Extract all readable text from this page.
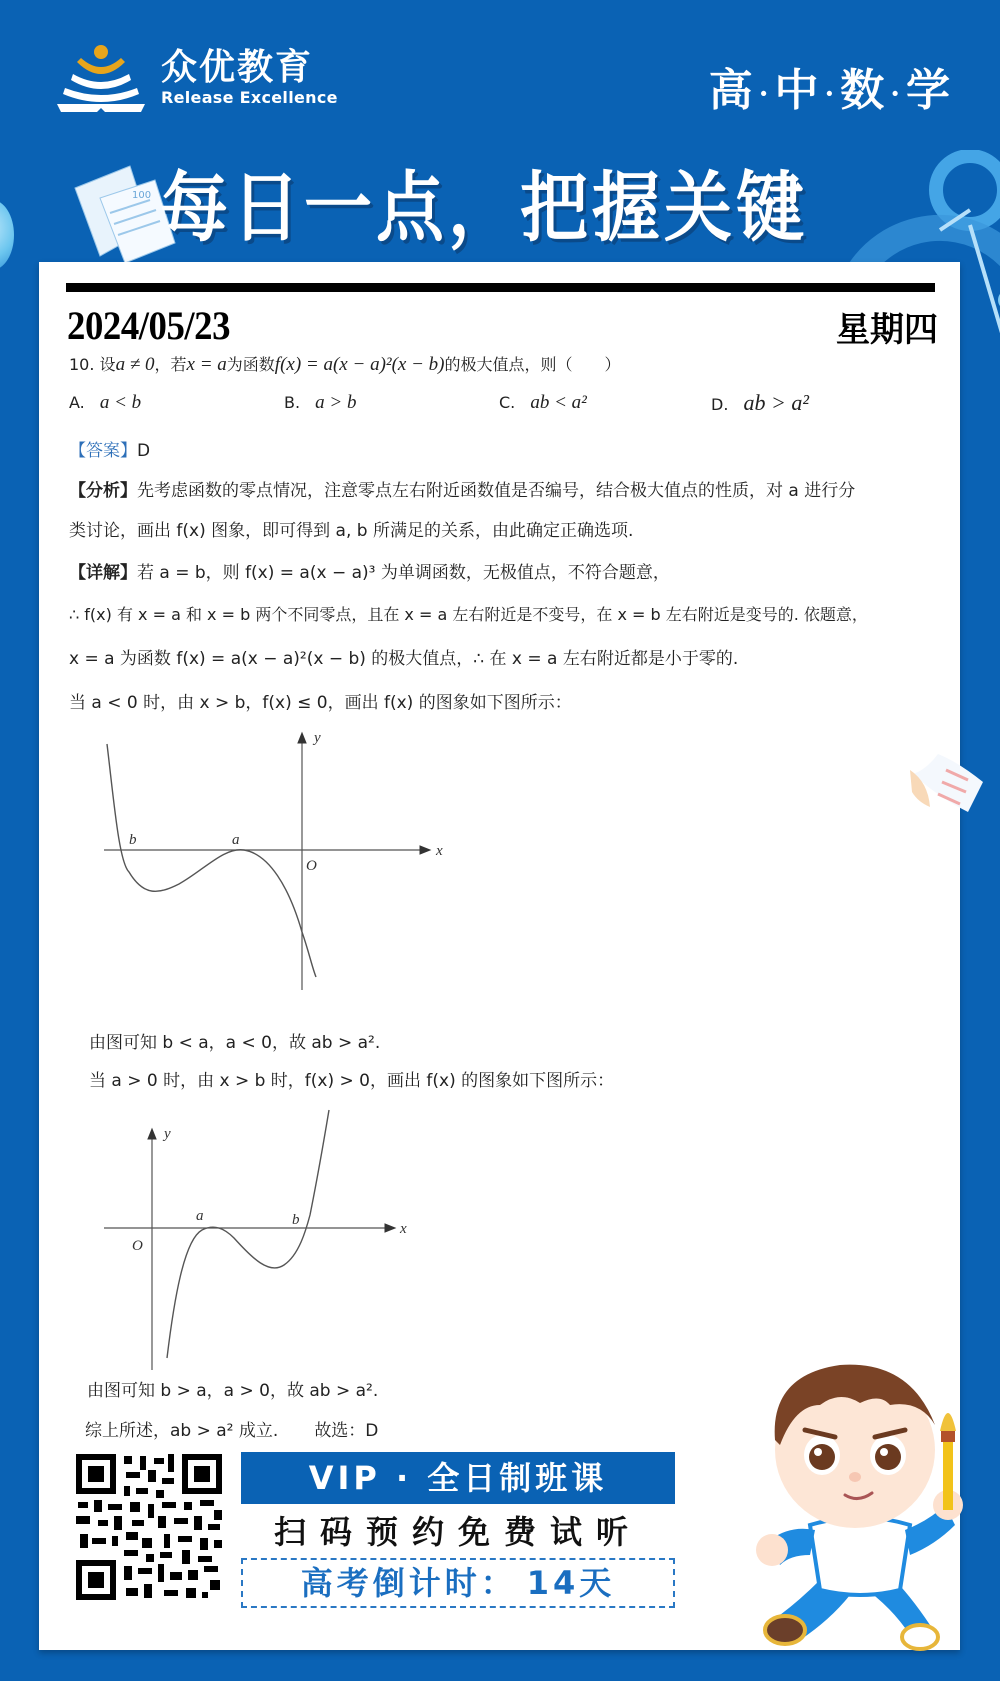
众优教育
Release Excellence	高 ·中 ·数 ·学
100 每日一点，把握关键
2024/05/23	星期四
10. 设a ≠ 0，若x = a为函数f(x) = a(x − a)²(x − b)的极大值点，则（　　）
A. a < b	B. a > b	C. ab < a²	D. ab > a²
【答案】D
【分析】先考虑函数的零点情况，注意零点左右附近函数值是否编号，结合极大值点的性质，对 a 进行分
类讨论，画出 f(x) 图象，即可得到 a, b 所满足的关系，由此确定正确选项.
【详解】若 a = b，则 f(x) = a(x − a)³ 为单调函数，无极值点，不符合题意，
∴ f(x) 有 x = a 和 x = b 两个不同零点，且在 x = a 左右附近是不变号，在 x = b 左右附近是变号的. 依题意，
x = a 为函数 f(x) = a(x − a)²(x − b) 的极大值点，∴ 在 x = a 左右附近都是小于零的.
当 a < 0 时，由 x > b，f(x) ≤ 0，画出 f(x) 的图象如下图所示：
b	a
O
x
y
由图可知 b < a，a < 0，故 ab > a².
当 a > 0 时，由 x > b 时，f(x) > 0，画出 f(x) 的图象如下图所示：
a	b
O
x
y
由图可知 b > a，a > 0，故 ab > a².
综上所述，ab > a² 成立. 故选：D
VIP · 全日制班课
扫码预约免费试听
高考倒计时： 14天
